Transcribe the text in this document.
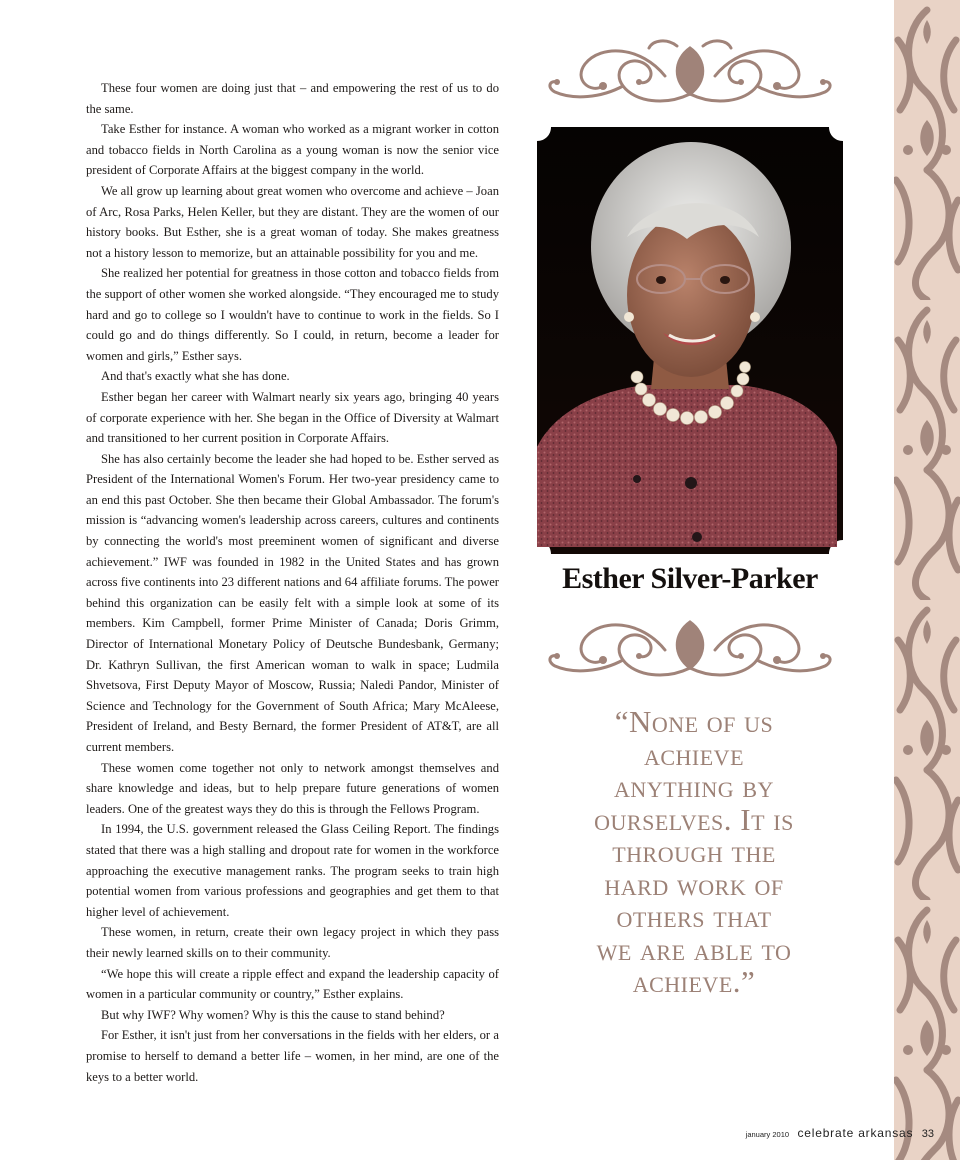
These four women are doing just that – and empowering the rest of us to do the same.

Take Esther for instance. A woman who worked as a migrant worker in cotton and tobacco fields in North Carolina as a young woman is now the senior vice president of Corporate Affairs at the biggest company in the world.

We all grow up learning about great women who overcome and achieve – Joan of Arc, Rosa Parks, Helen Keller, but they are distant. They are the women of our history books. But Esther, she is a great woman of today. She makes greatness not a history lesson to memorize, but an attainable possibility for you and me.

She realized her potential for greatness in those cotton and tobacco fields from the support of other women she worked alongside. “They encouraged me to study hard and go to college so I wouldn't have to continue to work in the fields. So I could go and do things differently. So I could, in return, become a leader for women and girls,” Esther says.

And that's exactly what she has done.

Esther began her career with Walmart nearly six years ago, bringing 40 years of corporate experience with her. She began in the Office of Diversity at Walmart and transitioned to her current position in Corporate Affairs.

She has also certainly become the leader she had hoped to be. Esther served as President of the International Women's Forum. Her two-year presidency came to an end this past October. She then became their Global Ambassador. The forum's mission is “advancing women's leadership across careers, cultures and continents by connecting the world's most preeminent women of significant and diverse achievement.” IWF was founded in 1982 in the United States and has grown across five continents into 23 different nations and 64 affiliate forums. The power behind this organization can be easily felt with a simple look at some of its members. Kim Campbell, former Prime Minister of Canada; Doris Grimm, Director of International Monetary Policy of Deutsche Bundesbank, Germany; Dr. Kathryn Sullivan, the first American woman to walk in space; Ludmila Shvetsova, First Deputy Mayor of Moscow, Russia; Naledi Pandor, Minister of Science and Technology for the Government of South Africa; Mary McAleese, President of Ireland, and Besty Bernard, the former President of AT&T, are all current members.

These women come together not only to network amongst themselves and share knowledge and ideas, but to help prepare future generations of women leaders. One of the greatest ways they do this is through the Fellows Program.

In 1994, the U.S. government released the Glass Ceiling Report. The findings stated that there was a high stalling and dropout rate for women in the workforce approaching the executive management ranks. The program seeks to train high potential women from various professions and geographies and get them to that higher level of achievement.

These women, in return, create their own legacy project in which they pass their newly learned skills on to their community.

“We hope this will create a ripple effect and expand the leadership capacity of women in a particular community or country,” Esther explains.

But why IWF? Why women? Why is this the cause to stand behind?

For Esther, it isn't just from her conversations in the fields with her elders, or a promise to herself to demand a better life – women, in her mind, are one of the keys to a better world.

Esther Silver-Parker
“None of us
achieve
anything by
ourselves. It is
through the
hard work of
others that
we are able to
achieve.”
january 2010 celebrate arkansas 33
